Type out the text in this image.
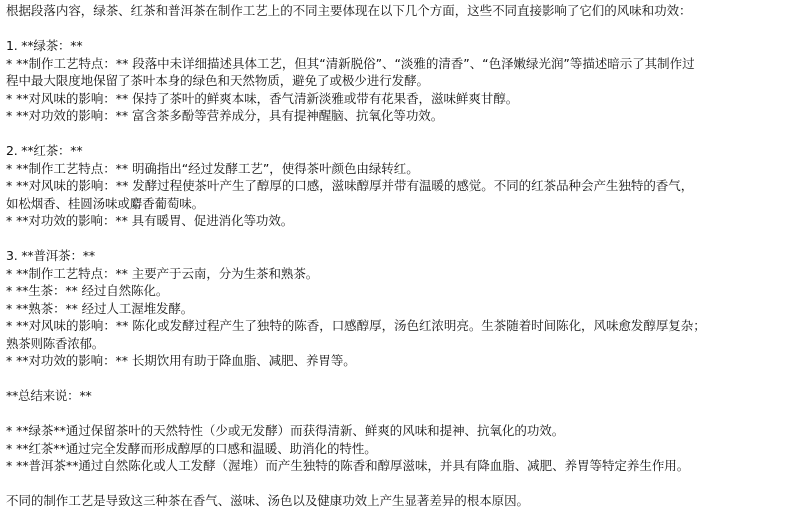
根据段落内容，绿茶、红茶和普洱茶在制作工艺上的不同主要体现在以下几个方面，这些不同直接影响了它们的风味和功效：
1. **绿茶：**
* **制作工艺特点：** 段落中未详细描述具体工艺，但其“清新脱俗”、“淡雅的清香”、“色泽嫩绿光润”等描述暗示了其制作过
程中最大限度地保留了茶叶本身的绿色和天然物质，避免了或极少进行发酵。
* **对风味的影响：** 保持了茶叶的鲜爽本味，香气清新淡雅或带有花果香，滋味鲜爽甘醇。
* **对功效的影响：** 富含茶多酚等营养成分，具有提神醒脑、抗氧化等功效。
2. **红茶：**
* **制作工艺特点：** 明确指出“经过发酵工艺”，使得茶叶颜色由绿转红。
* **对风味的影响：** 发酵过程使茶叶产生了醇厚的口感，滋味醇厚并带有温暖的感觉。不同的红茶品种会产生独特的香气，
如松烟香、桂圆汤味或麝香葡萄味。
* **对功效的影响：** 具有暖胃、促进消化等功效。
3. **普洱茶：**
* **制作工艺特点：** 主要产于云南，分为生茶和熟茶。
* **生茶：** 经过自然陈化。
* **熟茶：** 经过人工渥堆发酵。
* **对风味的影响：** 陈化或发酵过程产生了独特的陈香，口感醇厚，汤色红浓明亮。生茶随着时间陈化，风味愈发醇厚复杂；
熟茶则陈香浓郁。
* **对功效的影响：** 长期饮用有助于降血脂、减肥、养胃等。
**总结来说：**
* **绿茶**通过保留茶叶的天然特性（少或无发酵）而获得清新、鲜爽的风味和提神、抗氧化的功效。
* **红茶**通过完全发酵而形成醇厚的口感和温暖、助消化的特性。
* **普洱茶**通过自然陈化或人工发酵（渥堆）而产生独特的陈香和醇厚滋味，并具有降血脂、减肥、养胃等特定养生作用。
不同的制作工艺是导致这三种茶在香气、滋味、汤色以及健康功效上产生显著差异的根本原因。
